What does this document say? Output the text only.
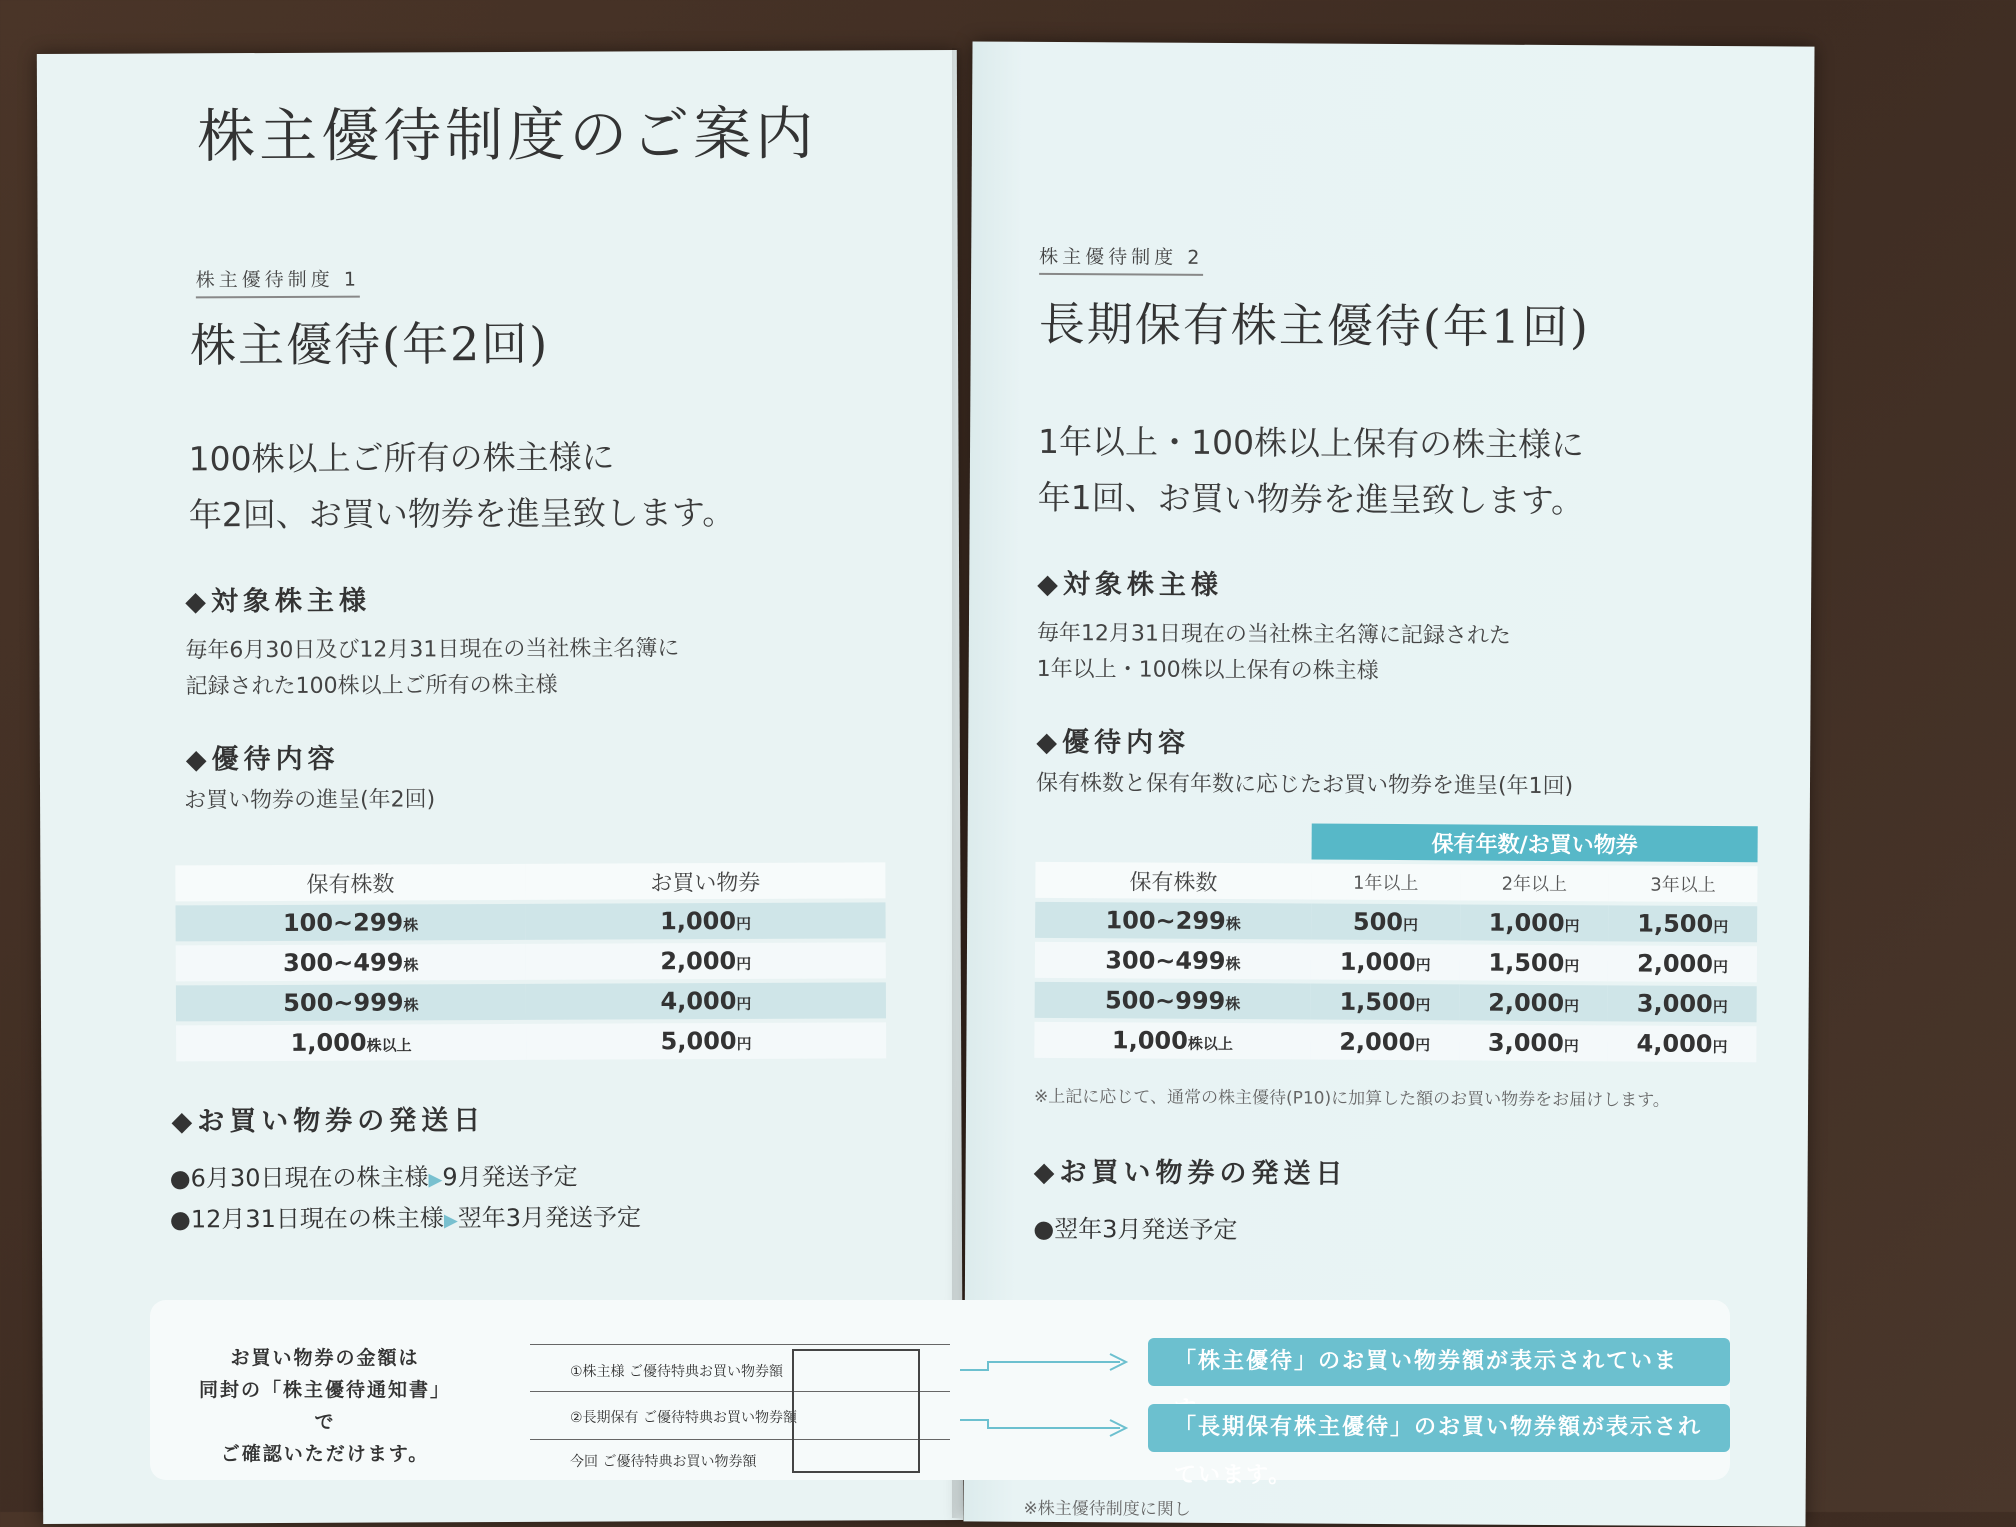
株主優待制度のご案内
株主優待制度 1
株主優待(年2回)
100株以上ご所有の株主様に
年2回、お買い物券を進呈致します。
◆対象株主様
毎年6月30日及び12月31日現在の当社株主名簿に
記録された100株以上ご所有の株主様
◆優待内容
お買い物券の進呈(年2回)
保有株数	お買い物券
100~299株	1,000円
300~499株	2,000円
500~999株	4,000円
1,000株以上	5,000円
◆お買い物券の発送日
●6月30日現在の株主様▶9月発送予定
●12月31日現在の株主様▶翌年3月発送予定
株主優待制度 2
長期保有株主優待(年1回)
1年以上・100株以上保有の株主様に
年1回、お買い物券を進呈致します。
◆対象株主様
毎年12月31日現在の当社株主名簿に記録された
1年以上・100株以上保有の株主様
◆優待内容
保有株数と保有年数に応じたお買い物券を進呈(年1回)
	保有年数/お買い物券		
保有株数	1年以上	2年以上	3年以上
100~299株	500円	1,000円	1,500円
300~499株	1,000円	1,500円	2,000円
500~999株	1,500円	2,000円	3,000円
1,000株以上	2,000円	3,000円	4,000円
※上記に応じて、通常の株主優待(P10)に加算した額のお買い物券をお届けします。
◆お買い物券の発送日
●翌年3月発送予定
※株主優待制度に関し
お買い物券の金額は
同封の「株主優待通知書」で
ご確認いただけます。
①株主様 ご優待特典お買い物券額
②長期保有 ご優待特典お買い物券額
今回 ご優待特典お買い物券額
「株主優待」のお買い物券額が表示されていま
「長期保有株主優待」のお買い物券額が表示されています。
